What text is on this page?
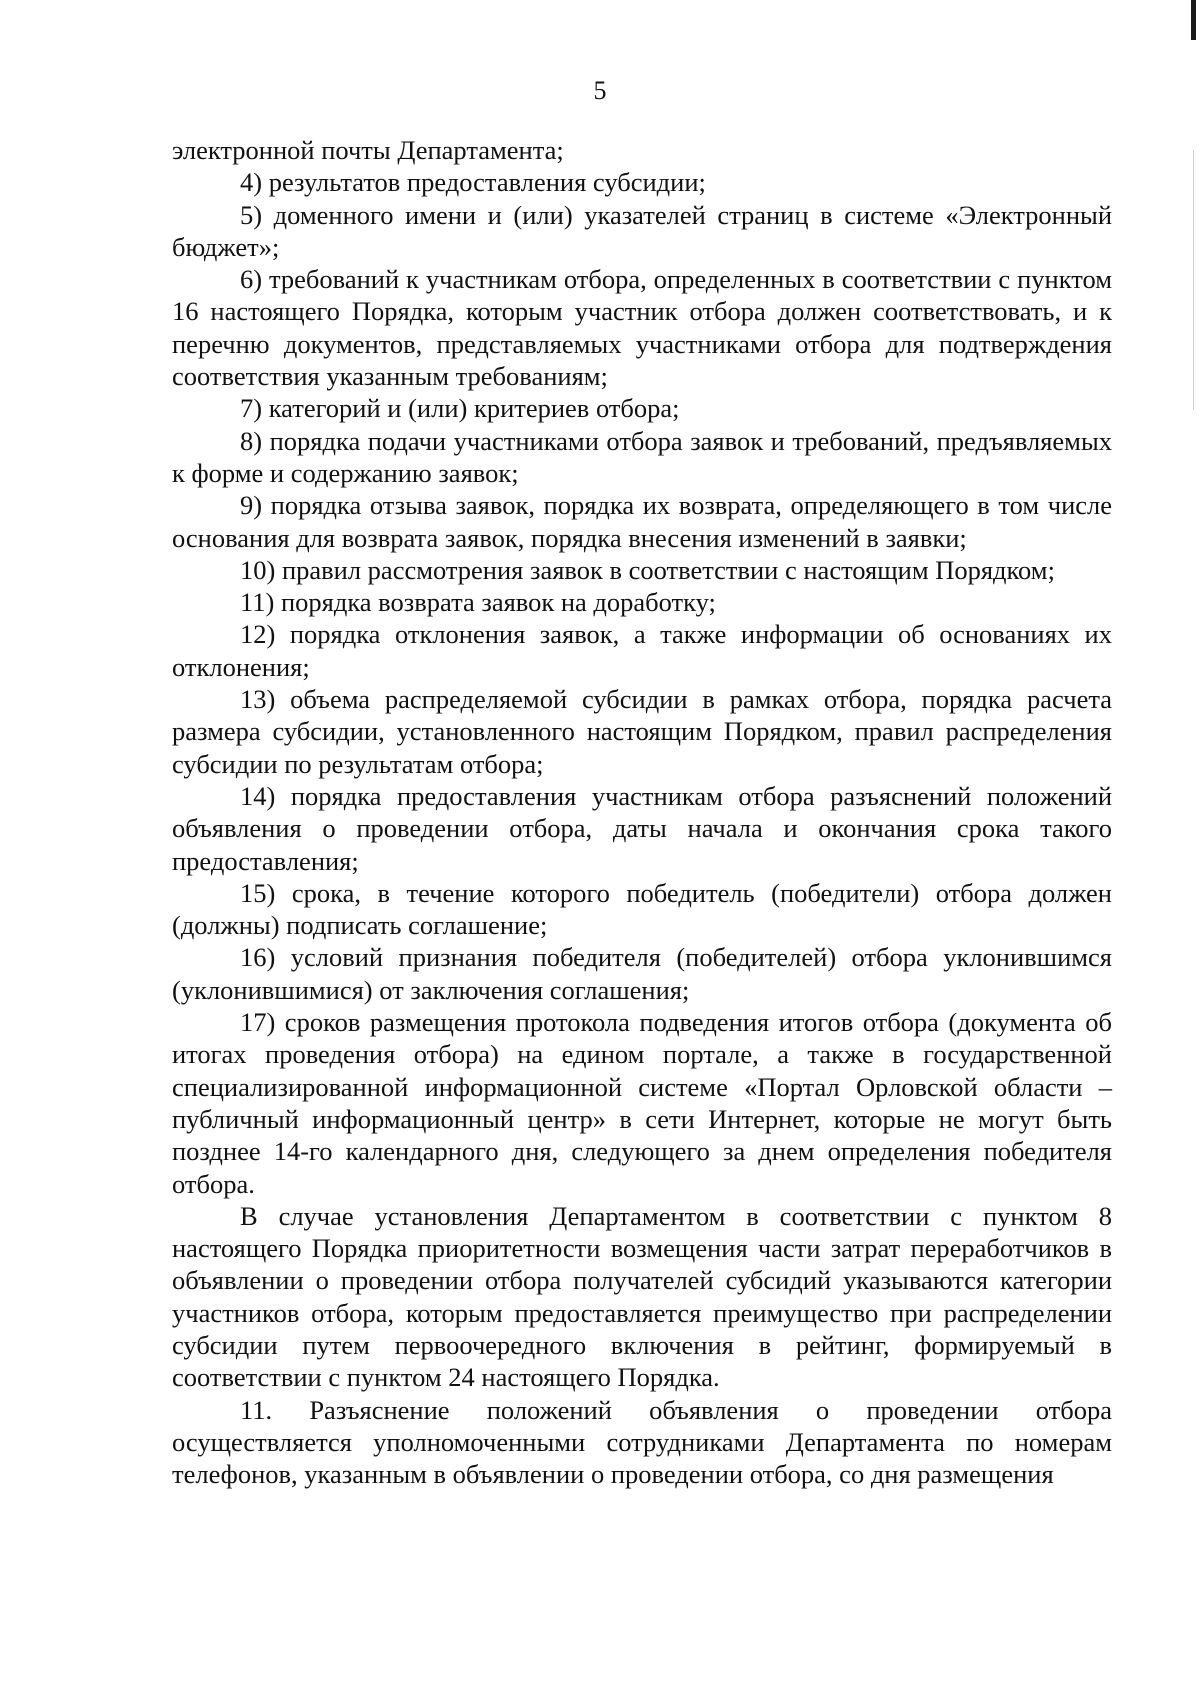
5

электронной почты Департамента;

4) результатов предоставления субсидии;

5) доменного имени и (или) указателей страниц в системе «Электронный бюджет»;

6) требований к участникам отбора, определенных в соответствии с пунктом 16 настоящего Порядка, которым участник отбора должен соответствовать, и к перечню документов, представляемых участниками отбора для подтверждения соответствия указанным требованиям;

7) категорий и (или) критериев отбора;

8) порядка подачи участниками отбора заявок и требований, предъявляемых к форме и содержанию заявок;

9) порядка отзыва заявок, порядка их возврата, определяющего в том числе основания для возврата заявок, порядка внесения изменений в заявки;

10) правил рассмотрения заявок в соответствии с настоящим Порядком;

11) порядка возврата заявок на доработку;

12) порядка отклонения заявок, а также информации об основаниях их отклонения;

13) объема распределяемой субсидии в рамках отбора, порядка расчета размера субсидии, установленного настоящим Порядком, правил распределения субсидии по результатам отбора;

14) порядка предоставления участникам отбора разъяснений положений объявления о проведении отбора, даты начала и окончания срока такого предоставления;

15) срока, в течение которого победитель (победители) отбора должен (должны) подписать соглашение;

16) условий признания победителя (победителей) отбора уклонившимся (уклонившимися) от заключения соглашения;

17) сроков размещения протокола подведения итогов отбора (документа об итогах проведения отбора) на едином портале, а также в государственной специализированной информационной системе «Портал Орловской области – публичный информационный центр» в сети Интернет, которые не могут быть позднее 14-го календарного дня, следующего за днем определения победителя отбора.

В случае установления Департаментом в соответствии с пунктом 8 настоящего Порядка приоритетности возмещения части затрат переработчиков в объявлении о проведении отбора получателей субсидий указываются категории участников отбора, которым предоставляется преимущество при распределении субсидии путем первоочередного включения в рейтинг, формируемый в соответствии с пунктом 24 настоящего Порядка.

11. Разъяснение положений объявления о проведении отбора осуществляется уполномоченными сотрудниками Департамента по номерам телефонов, указанным в объявлении о проведении отбора, со дня размещения
